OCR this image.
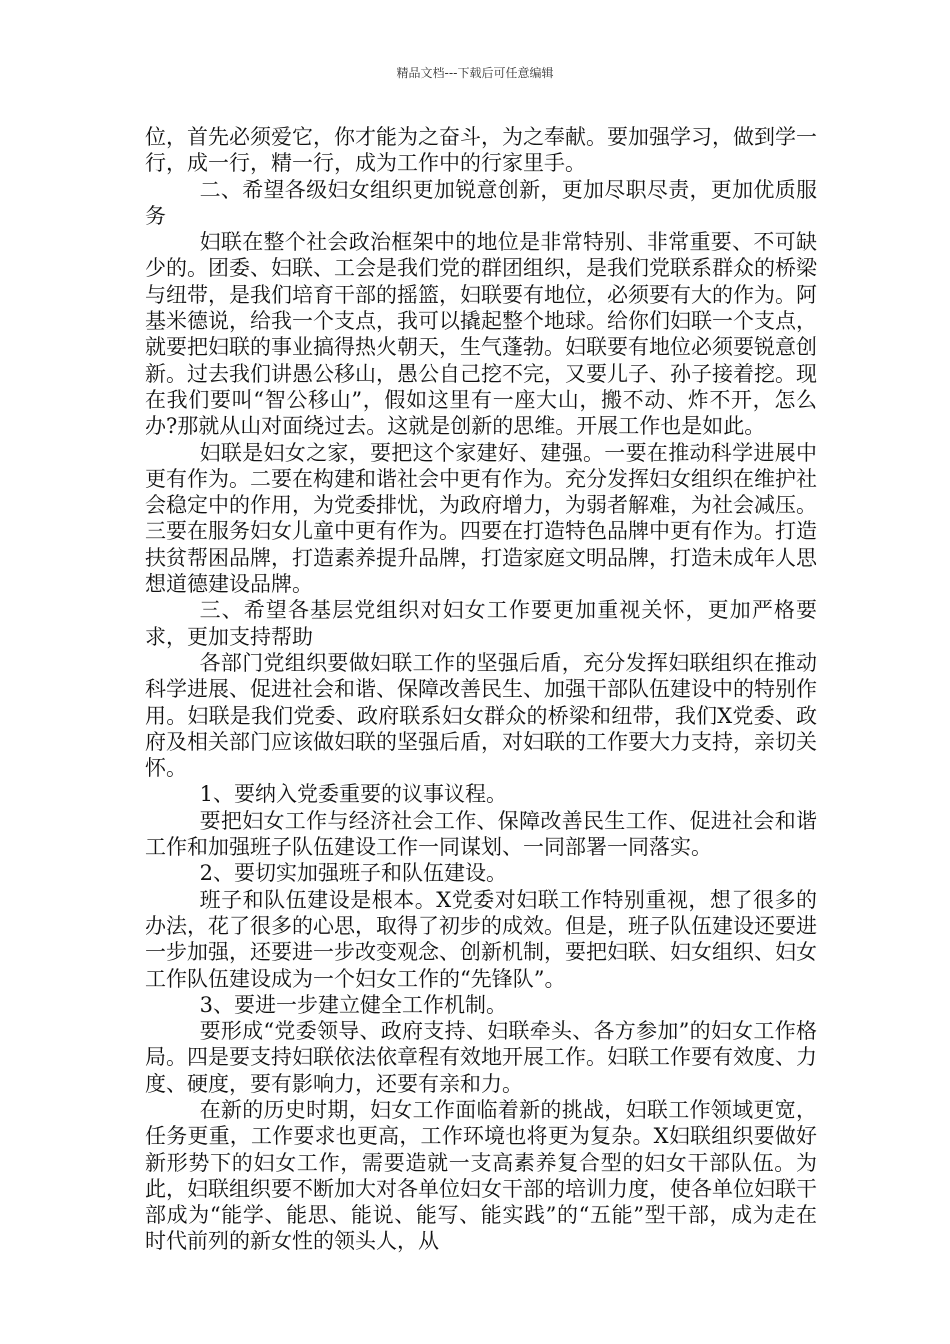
精品文档---下载后可任意编辑

位，首先必须爱它，你才能为之奋斗，为之奉献。要加强学习，做到学一行，成一行，精一行，成为工作中的行家里手。

二、希望各级妇女组织更加锐意创新，更加尽职尽责，更加优质服务

妇联在整个社会政治框架中的地位是非常特别、非常重要、不可缺少的。团委、妇联、工会是我们党的群团组织，是我们党联系群众的桥梁与纽带，是我们培育干部的摇篮，妇联要有地位，必须要有大的作为。阿基米德说，给我一个支点，我可以撬起整个地球。给你们妇联一个支点，就要把妇联的事业搞得热火朝天，生气蓬勃。妇联要有地位必须要锐意创新。过去我们讲愚公移山，愚公自己挖不完，又要儿子、孙子接着挖。现在我们要叫“智公移山”，假如这里有一座大山，搬不动、炸不开，怎么办?那就从山对面绕过去。这就是创新的思维。开展工作也是如此。

妇联是妇女之家，要把这个家建好、建强。一要在推动科学进展中更有作为。二要在构建和谐社会中更有作为。充分发挥妇女组织在维护社会稳定中的作用，为党委排忧，为政府增力，为弱者解难，为社会减压。三要在服务妇女儿童中更有作为。四要在打造特色品牌中更有作为。打造扶贫帮困品牌，打造素养提升品牌，打造家庭文明品牌，打造未成年人思想道德建设品牌。

三、希望各基层党组织对妇女工作要更加重视关怀，更加严格要求，更加支持帮助

各部门党组织要做妇联工作的坚强后盾，充分发挥妇联组织在推动科学进展、促进社会和谐、保障改善民生、加强干部队伍建设中的特别作用。妇联是我们党委、政府联系妇女群众的桥梁和纽带，我们X党委、政府及相关部门应该做妇联的坚强后盾，对妇联的工作要大力支持，亲切关怀。

1、要纳入党委重要的议事议程。

要把妇女工作与经济社会工作、保障改善民生工作、促进社会和谐工作和加强班子队伍建设工作一同谋划、一同部署一同落实。

2、要切实加强班子和队伍建设。

班子和队伍建设是根本。X党委对妇联工作特别重视，想了很多的办法，花了很多的心思，取得了初步的成效。但是，班子队伍建设还要进一步加强，还要进一步改变观念、创新机制，要把妇联、妇女组织、妇女工作队伍建设成为一个妇女工作的“先锋队”。

3、要进一步建立健全工作机制。

要形成“党委领导、政府支持、妇联牵头、各方参加”的妇女工作格局。四是要支持妇联依法依章程有效地开展工作。妇联工作要有效度、力度、硬度，要有影响力，还要有亲和力。

在新的历史时期，妇女工作面临着新的挑战，妇联工作领域更宽，任务更重，工作要求也更高，工作环境也将更为复杂。X妇联组织要做好新形势下的妇女工作，需要造就一支高素养复合型的妇女干部队伍。为此，妇联组织要不断加大对各单位妇女干部的培训力度，使各单位妇联干部成为“能学、能思、能说、能写、能实践”的“五能”型干部，成为走在时代前列的新女性的领头人，从
